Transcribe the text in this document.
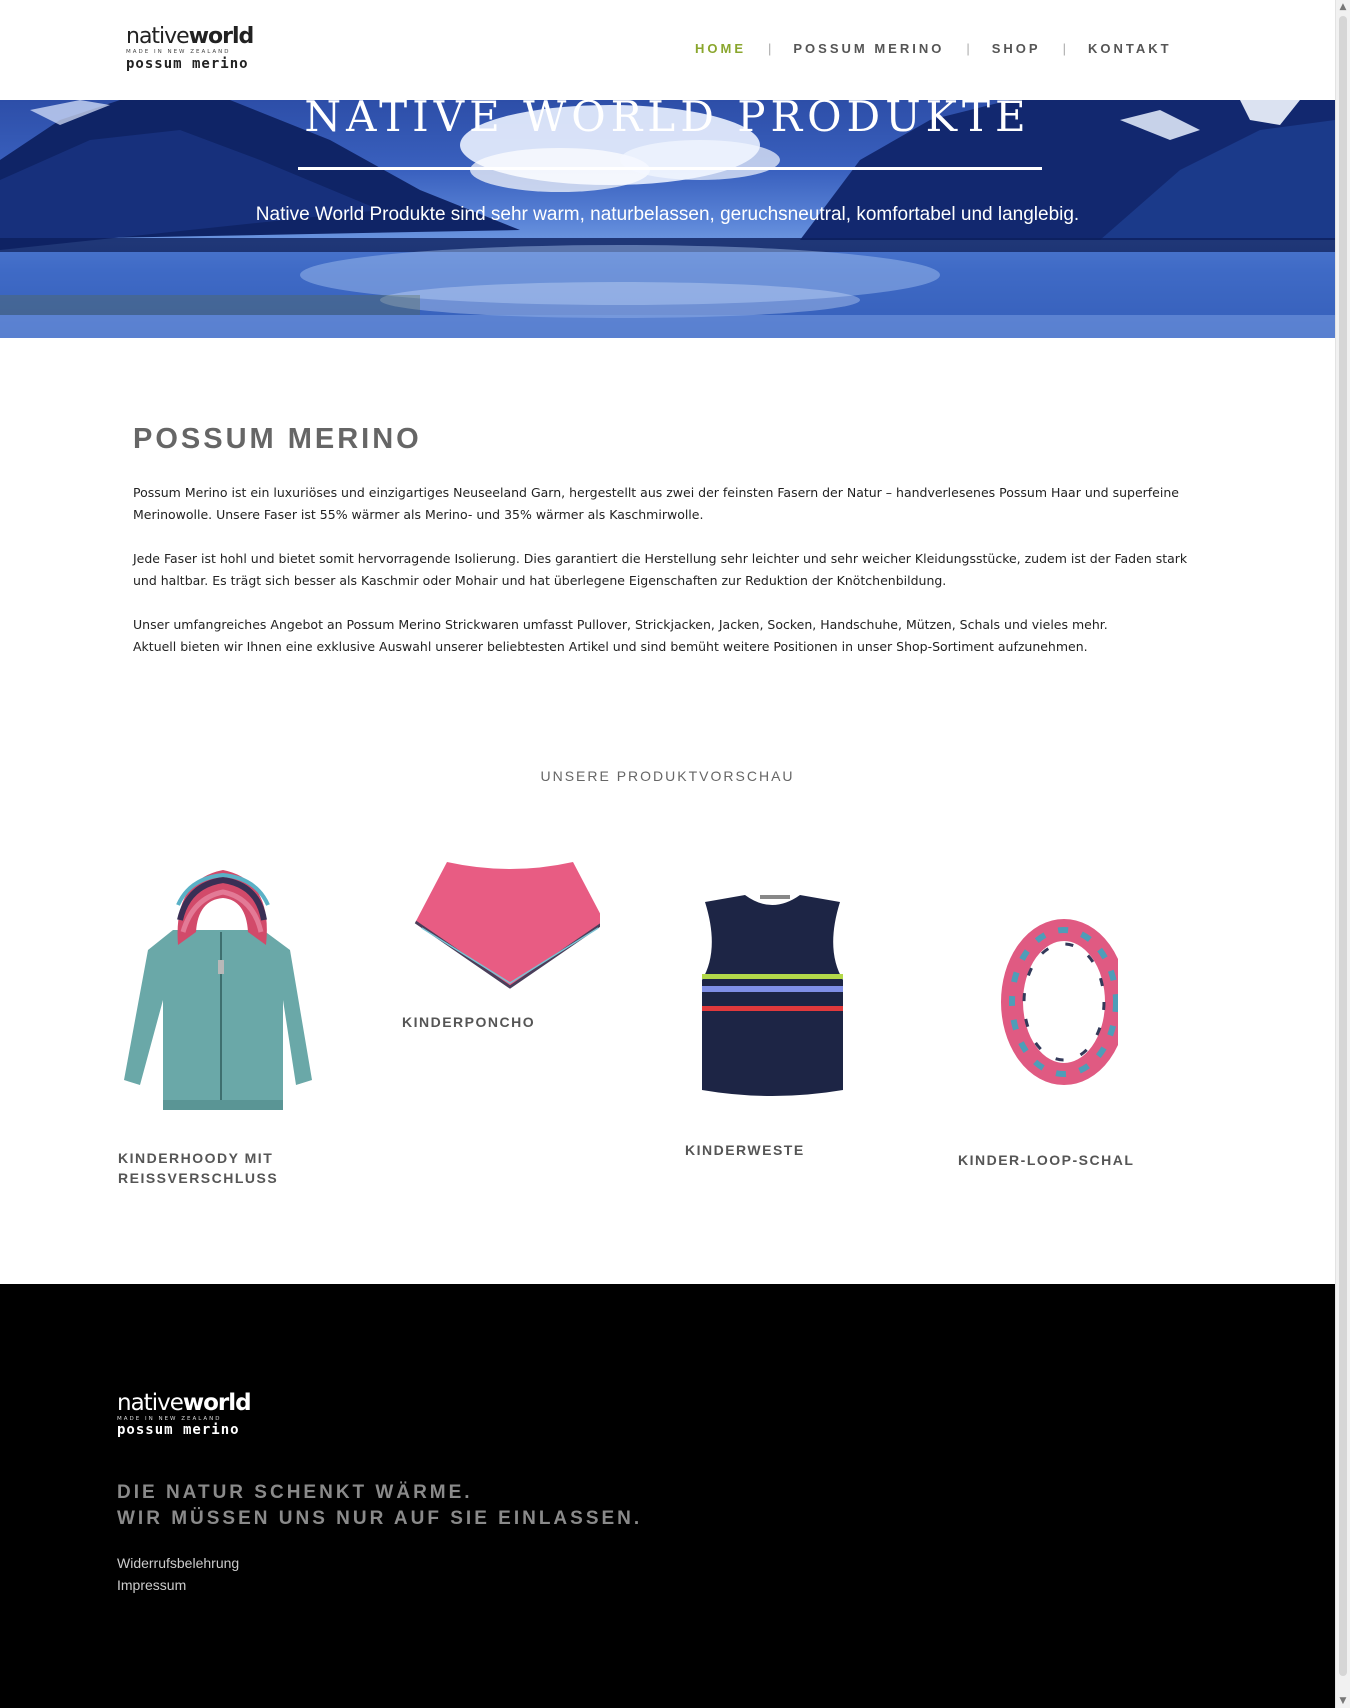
nativeworld
MADE IN NEW ZEALAND
possum merino
HOME | POSSUM MERINO | SHOP | KONTAKT
NATIVE WORLD PRODUKTE
Native World Produkte sind sehr warm, naturbelassen, geruchsneutral, komfortabel und langlebig.
POSSUM MERINO

Possum Merino ist ein luxuriöses und einzigartiges Neuseeland Garn, hergestellt aus zwei der feinsten Fasern der Natur – handverlesenes Possum Haar und superfeine Merinowolle. Unsere Faser ist 55% wärmer als Merino- und 35% wärmer als Kaschmirwolle.

Jede Faser ist hohl und bietet somit hervorragende Isolierung. Dies garantiert die Herstellung sehr leichter und sehr weicher Kleidungsstücke, zudem ist der Faden stark und haltbar. Es trägt sich besser als Kaschmir oder Mohair und hat überlegene Eigenschaften zur Reduktion der Knötchenbildung.

Unser umfangreiches Angebot an Possum Merino Strickwaren umfasst Pullover, Strickjacken, Jacken, Socken, Handschuhe, Mützen, Schals und vieles mehr.

Aktuell bieten wir Ihnen eine exklusive Auswahl unserer beliebtesten Artikel und sind bemüht weitere Positionen in unser Shop-Sortiment aufzunehmen.

UNSERE PRODUKTVORSCHAU
KINDERHOODY MIT
REISSVERSCHLUSS
KINDERPONCHO
KINDERWESTE
KINDER-LOOP-SCHAL
nativeworld
MADE IN NEW ZEALAND
possum merino
DIE NATUR SCHENKT WÄRME.
WIR MÜSSEN UNS NUR AUF SIE EINLASSEN.
Widerrufsbelehrung
Impressum
▲
▼
